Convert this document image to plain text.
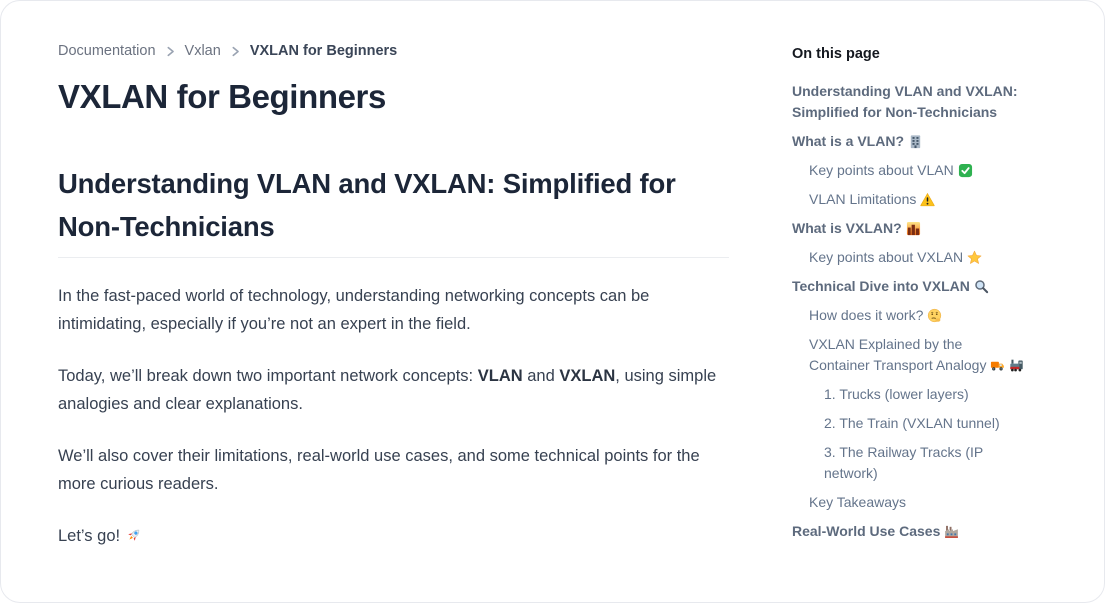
Documentation Vxlan VXLAN for Beginners
VXLAN for Beginners
Understanding VLAN and VXLAN: Simplified for Non-Technicians

In the fast-paced world of technology, understanding networking concepts can be intimidating, especially if you’re not an expert in the field.

Today, we’ll break down two important network concepts: VLAN and VXLAN, using simple analogies and clear explanations.

We’ll also cover their limitations, real-world use cases, and some technical points for the more curious readers.

Let’s go!

On this page
Understanding VLAN and VXLAN: Simplified for Non-Technicians
What is a VLAN?
Key points about VLAN
VLAN Limitations
What is VXLAN?
Key points about VXLAN
Technical Dive into VXLAN
How does it work?
VXLAN Explained by the Container Transport Analogy
1. Trucks (lower layers)
2. The Train (VXLAN tunnel)
3. The Railway Tracks (IP network)
Key Takeaways
Real-World Use Cases
